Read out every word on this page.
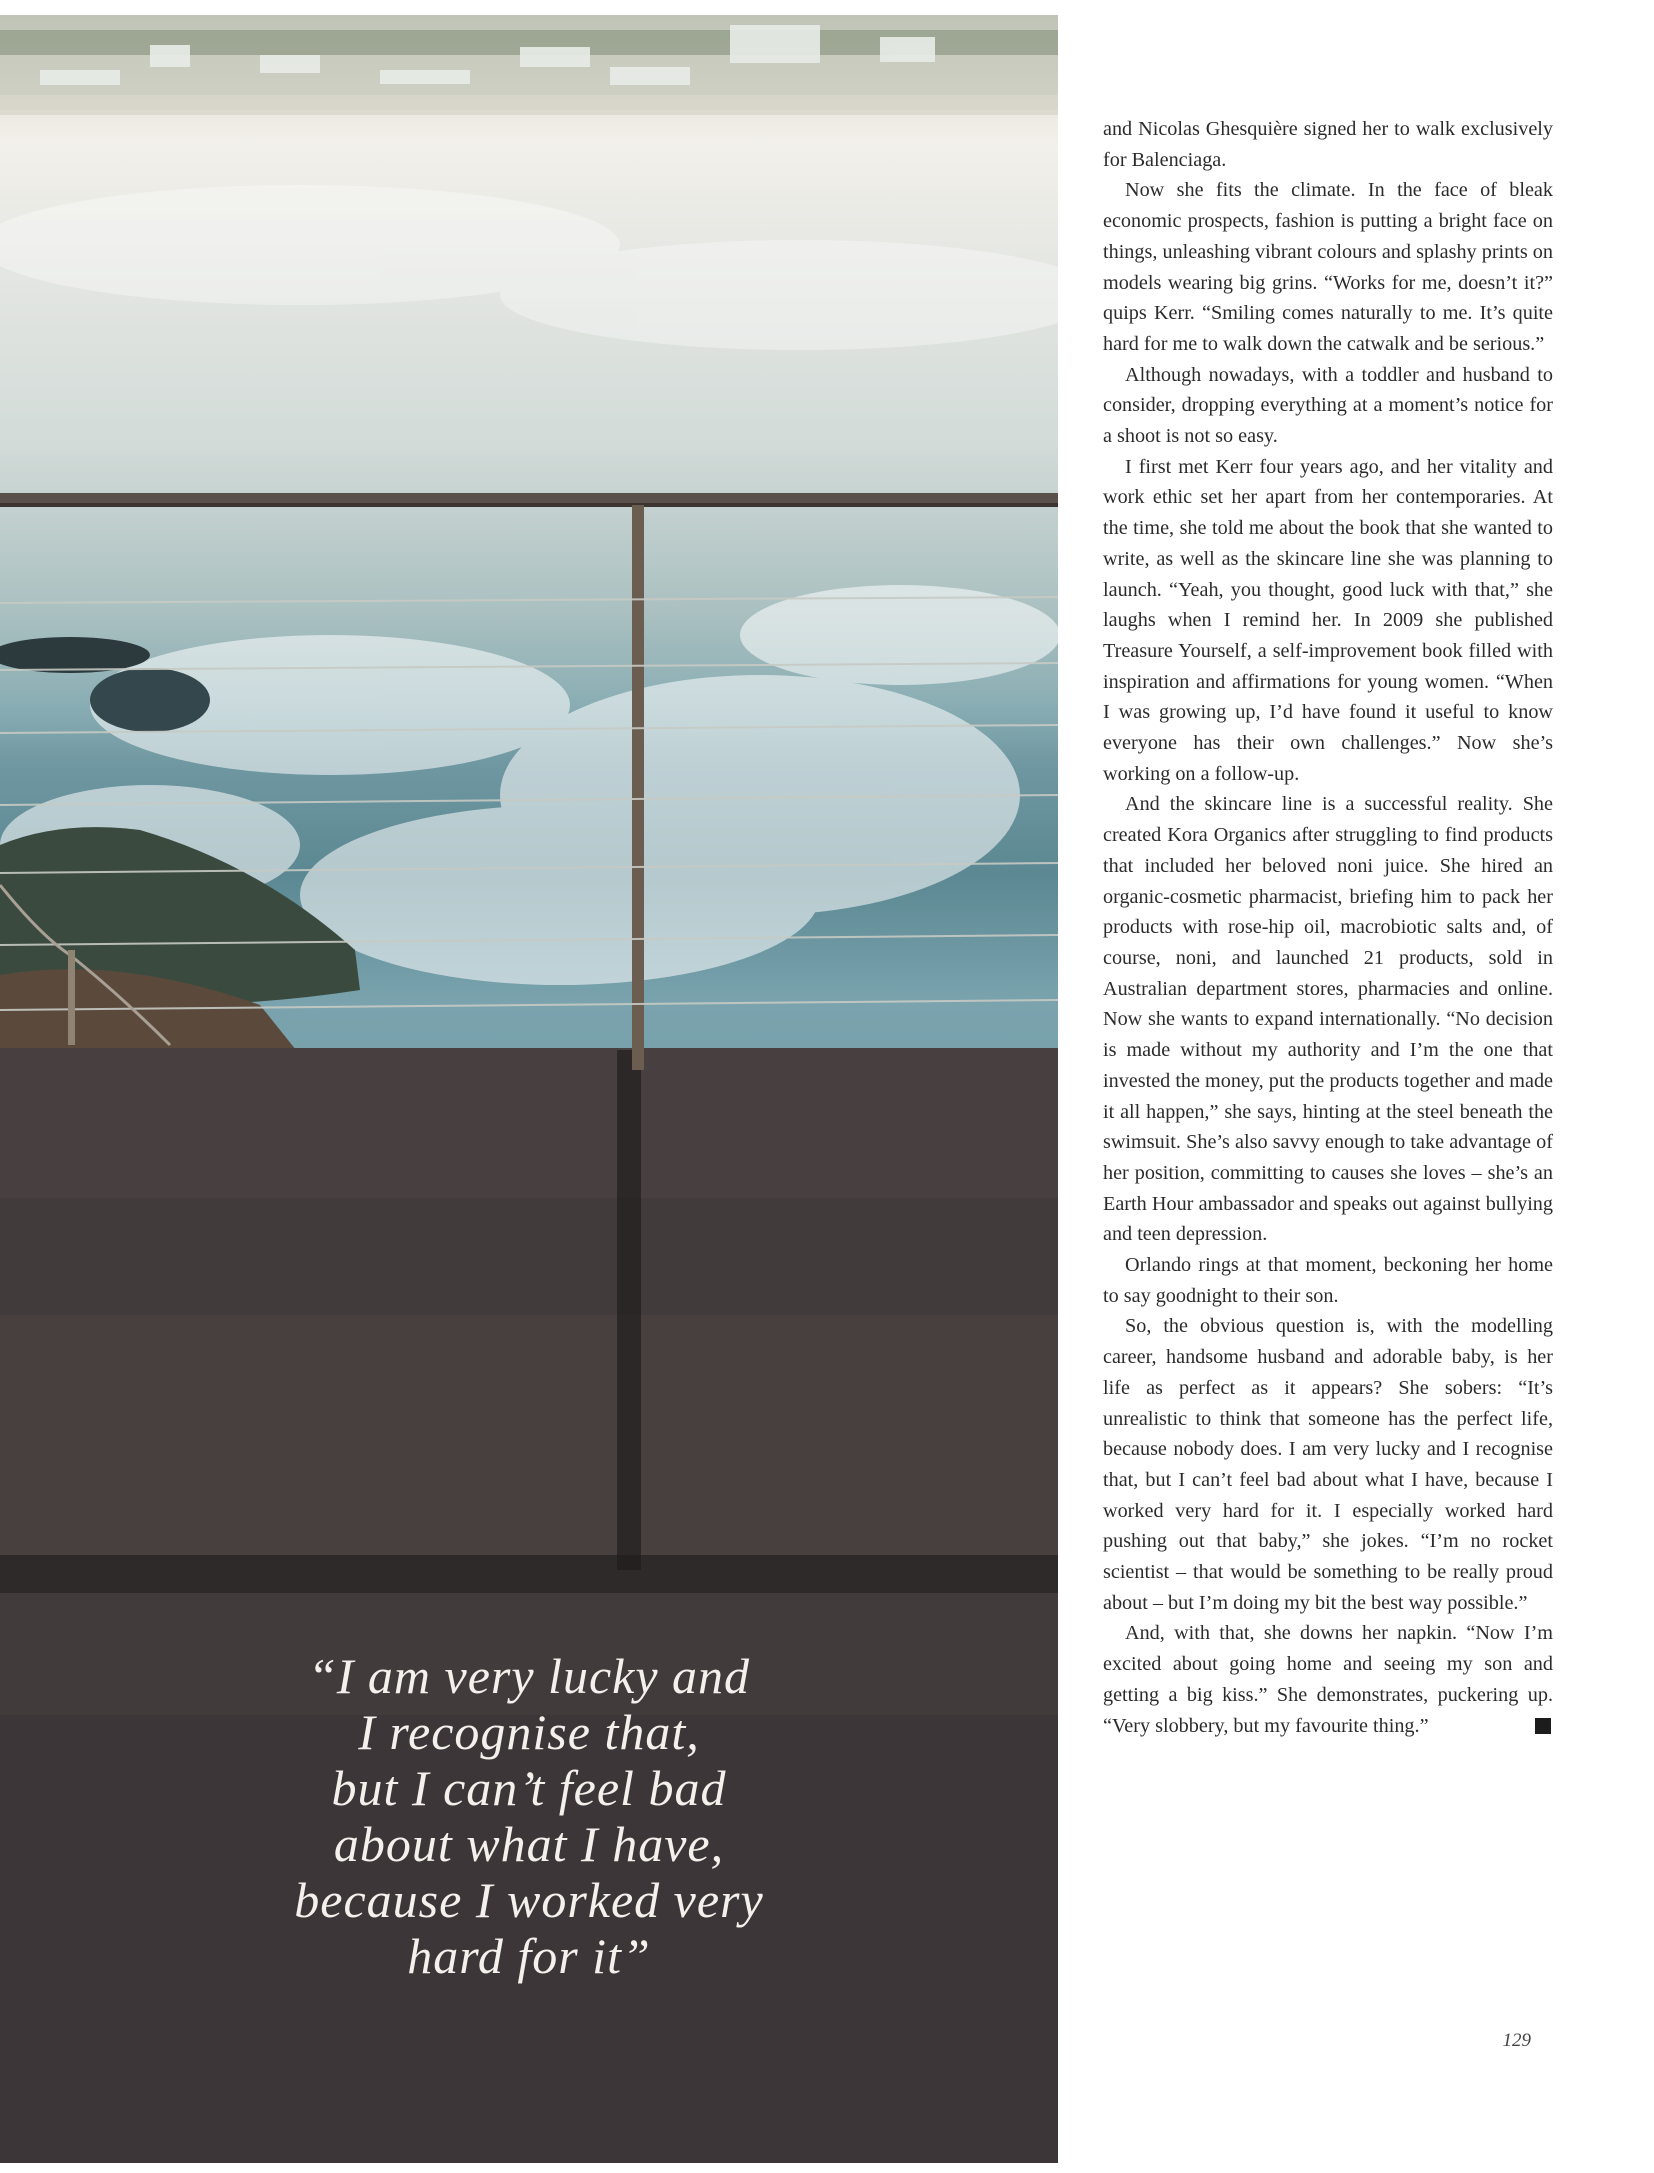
“I am very lucky and
I recognise that,
but I can’t feel bad
about what I have,
because I worked very
hard for it”

and Nicolas Ghesquière signed her to walk exclusively for Balenciaga.

Now she fits the climate. In the face of bleak economic prospects, fashion is putting a bright face on things, unleashing vibrant colours and splashy prints on models wearing big grins. “Works for me, doesn’t it?” quips Kerr. “Smiling comes naturally to me. It’s quite hard for me to walk down the catwalk and be serious.”

Although nowadays, with a toddler and husband to consider, dropping everything at a moment’s notice for a shoot is not so easy.

I first met Kerr four years ago, and her vitality and work ethic set her apart from her contemporaries. At the time, she told me about the book that she wanted to write, as well as the skincare line she was planning to launch. “Yeah, you thought, good luck with that,” she laughs when I remind her. In 2009 she published Treasure Yourself, a self-improvement book filled with inspiration and affirmations for young women. “When I was growing up, I’d have found it useful to know everyone has their own challenges.” Now she’s working on a follow-up.

And the skincare line is a successful reality. She created Kora Organics after struggling to find products that included her beloved noni juice. She hired an organic-cosmetic pharmacist, briefing him to pack her products with rose-hip oil, macrobiotic salts and, of course, noni, and launched 21 products, sold in Australian department stores, pharmacies and online. Now she wants to expand internationally. “No decision is made without my authority and I’m the one that invested the money, put the products together and made it all happen,” she says, hinting at the steel beneath the swimsuit. She’s also savvy enough to take advantage of her position, committing to causes she loves – she’s an Earth Hour ambassador and speaks out against bullying and teen depression.

Orlando rings at that moment, beckoning her home to say goodnight to their son.

So, the obvious question is, with the modelling career, handsome husband and adorable baby, is her life as perfect as it appears? She sobers: “It’s unrealistic to think that someone has the perfect life, because nobody does. I am very lucky and I recognise that, but I can’t feel bad about what I have, because I worked very hard for it. I especially worked hard pushing out that baby,” she jokes. “I’m no rocket scientist – that would be something to be really proud about – but I’m doing my bit the best way possible.”

And, with that, she downs her napkin. “Now I’m excited about going home and seeing my son and getting a big kiss.” She demonstrates, puckering up. “Very slobbery, but my favourite thing.”

129
